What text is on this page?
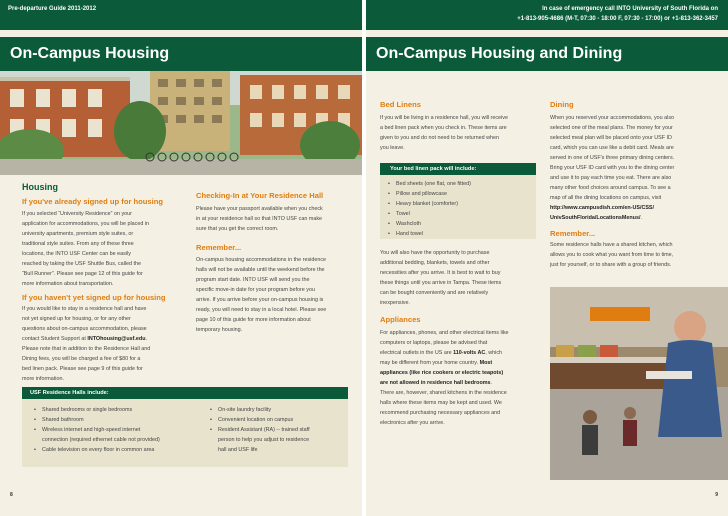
Pre-departure Guide 2011-2012
On-Campus Housing
Housing
If you've already signed up for housing
If you selected “University Residence” on your
application for accommodations, you will be placed in
university apartments, premium style suites, or
traditional style suites. From any of these three
locations, the INTO USF Center can be easily
reached by taking the USF Shuttle Bus, called the
“Bull Runner”. Please see page 12 of this guide for
more information about transportation.
If you haven't yet signed up for housing
If you would like to stay in a residence hall and have
not yet signed up for housing, or for any other
questions about on-campus accommodation, please
contact Student Support at INTOhousing@usf.edu.
Please note that in addition to the Residence Hall and
Dining fees, you will be charged a fee of $80 for a
bed linen pack. Please see page 9 of this guide for
more information.
Checking-In at Your Residence Hall
Please have your passport available when you check
in at your residence hall so that INTO USF can make
sure that you get the correct room.
Remember...
On-campus housing accommodations in the residence
halls will not be available until the weekend before the
program start date. INTO USF will send you the
specific move-in date for your program before you
arrive. If you arrive before your on-campus housing is
ready, you will need to stay in a local hotel. Please see
page 10 of this guide for more information about
temporary housing.
USF Residence Halls include:
• Shared bedrooms or single bedrooms
• Shared bathroom
• Wireless internet and high-speed internet
connection (required ethernet cable not provided)
• Cable television on every floor in common area
• On-site laundry facility
• Convenient location on campus
• Resident Assistant (RA) -- trained staff
person to help you adjust to residence
hall and USF life
8
In case of emergency call INTO University of South Florida on
+1-813-905-4686 (M-T, 07:30 - 18:00 F, 07:30 - 17:00) or +1-813-362-3457
On-Campus Housing and Dining
Bed Linens
If you will be living in a residence hall, you will receive
a bed linen pack when you check in. These items are
given to you and do not need to be returned when
you leave.
Your bed linen pack will include:
• Bed sheets (one flat, one fitted)
• Pillow and pillowcase
• Heavy blanket (comforter)
• Towel
• Washcloth
• Hand towel
You will also have the opportunity to purchase
additional bedding, blankets, towels and other
necessities after you arrive. It is best to wait to buy
these things until you arrive in Tampa. These items
can be bought conveniently and are relatively
inexpensive.
Appliances
For appliances, phones, and other electrical items like
computers or laptops, please be advised that
electrical outlets in the US are 110-volts AC, which
may be different from your home country. Most
appliances (like rice cookers or electric teapots)
are not allowed in residence hall bedrooms.
There are, however, shared kitchens in the residence
halls where these items may be kept and used. We
recommend purchasing necessary appliances and
electronics after you arrive.
Dining
When you reserved your accommodations, you also
selected one of the meal plans. The money for your
selected meal plan will be placed onto your USF ID
card, which you can use like a debit card. Meals are
served in one of USF's three primary dining centers.
Bring your USF ID card with you to the dining center
and use it to pay each time you eat. There are also
many other food choices around campus. To see a
map of all the dining locations on campus, visit
http://www.campusdish.com/en-US/CSS/
UnivSouthFlorida/LocationsMenus/.
Remember...
Some residence halls have a shared kitchen, which
allows you to cook what you want from time to time,
just for yourself, or to share with a group of friends.
9
